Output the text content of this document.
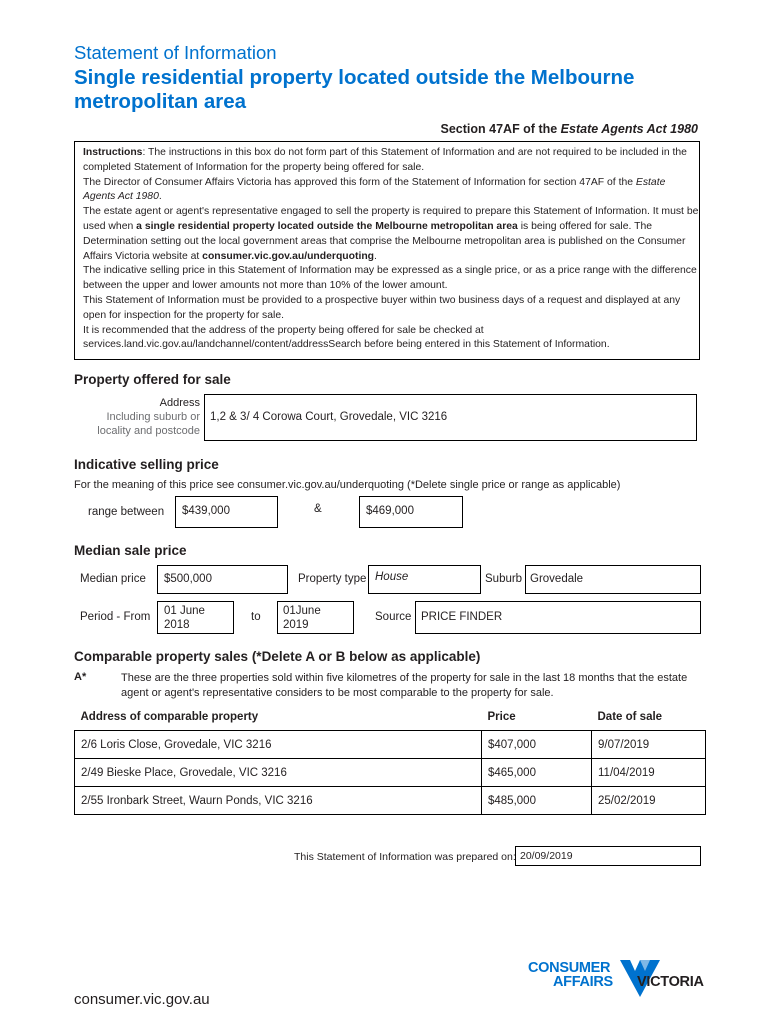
Statement of Information
Single residential property located outside the Melbourne metropolitan area
Section 47AF of the Estate Agents Act 1980

Instructions: The instructions in this box do not form part of this Statement of Information and are not required to be included in the completed Statement of Information for the property being offered for sale.

The Director of Consumer Affairs Victoria has approved this form of the Statement of Information for section 47AF of the Estate Agents Act 1980.

The estate agent or agent's representative engaged to sell the property is required to prepare this Statement of Information. It must be used when a single residential property located outside the Melbourne metropolitan area is being offered for sale. The Determination setting out the local government areas that comprise the Melbourne metropolitan area is published on the Consumer Affairs Victoria website at consumer.vic.gov.au/underquoting.

The indicative selling price in this Statement of Information may be expressed as a single price, or as a price range with the difference between the upper and lower amounts not more than 10% of the lower amount.

This Statement of Information must be provided to a prospective buyer within two business days of a request and displayed at any open for inspection for the property for sale.

It is recommended that the address of the property being offered for sale be checked at services.land.vic.gov.au/landchannel/content/addressSearch before being entered in this Statement of Information.

Property offered for sale
Address
Including suburb or
locality and postcode
1,2 & 3/ 4 Corowa Court, Grovedale, VIC 3216
Indicative selling price
For the meaning of this price see consumer.vic.gov.au/underquoting (*Delete single price or range as applicable)
range between	$439,000	&	$469,000
Median sale price
Median price	$500,000	Property type House	Suburb Grovedale
Period - From 01 June
2018
to 01June
2019
Source PRICE FINDER
Comparable property sales (*Delete A or B below as applicable)
A*	These are the three properties sold within five kilometres of the property for sale in the last 18 months that the estate agent or agent's representative considers to be most comparable to the property for sale.
Address of comparable property	Price	Date of sale
2/6 Loris Close, Grovedale, VIC 3216	$407,000	9/07/2019
2/49 Bieske Place, Grovedale, VIC 3216	$465,000	11/04/2019
2/55 Ironbark Street, Waurn Ponds, VIC 3216	$485,000	25/02/2019
This Statement of Information was prepared on: 20/09/2019
consumer.vic.gov.au
CONSUMER
AFFAIRS VICTORIA
